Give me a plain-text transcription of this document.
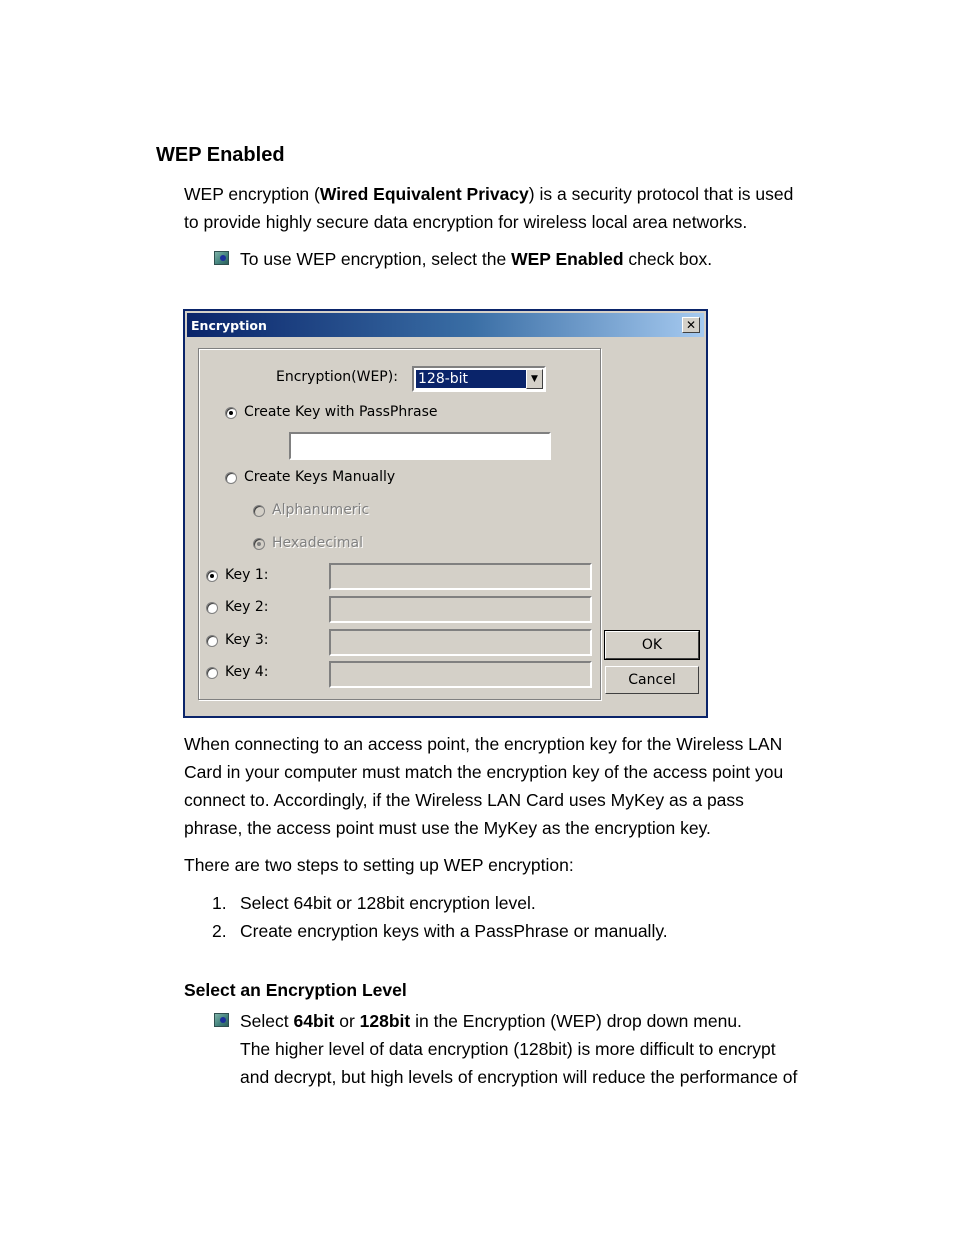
WEP Enabled
WEP encryption (Wired Equivalent Privacy) is a security protocol that is used
to provide highly secure data encryption for wireless local area networks.
To use WEP encryption, select the WEP Enabled check box.
Encryption	✕
Encryption(WEP): 128-bit	▼
Create Key with PassPhrase
Create Keys Manually
Alphanumeric
Hexadecimal
Key 1:
Key 2:
Key 3:
Key 4:
OK
Cancel
When connecting to an access point, the encryption key for the Wireless LAN
Card in your computer must match the encryption key of the access point you
connect to. Accordingly, if the Wireless LAN Card uses MyKey as a pass
phrase, the access point must use the MyKey as the encryption key.
There are two steps to setting up WEP encryption:
1. Select 64bit or 128bit encryption level.
2. Create encryption keys with a PassPhrase or manually.
Select an Encryption Level
Select 64bit or 128bit in the Encryption (WEP) drop down menu.
The higher level of data encryption (128bit) is more difficult to encrypt
and decrypt, but high levels of encryption will reduce the performance of
